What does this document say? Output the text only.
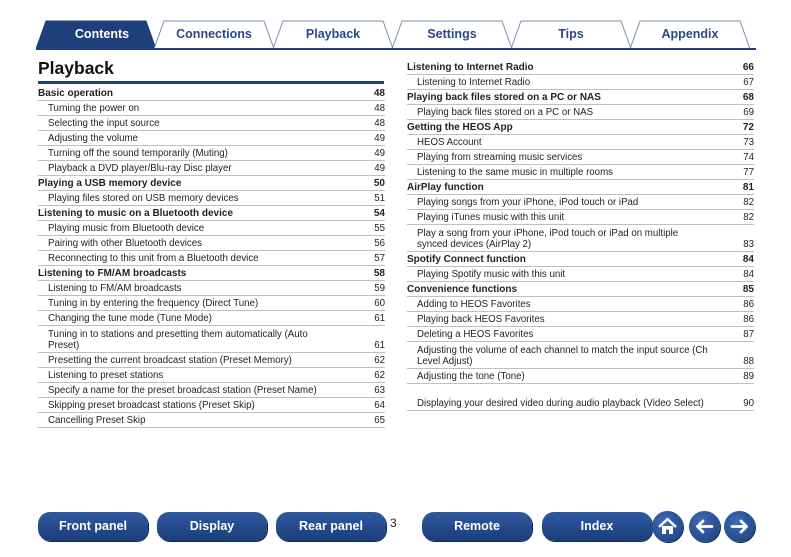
Contents	Connections	Playback	Settings	Tips	Appendix
Playback
Basic operation	48
Turning the power on	48
Selecting the input source	48
Adjusting the volume	49
Turning off the sound temporarily (Muting)	49
Playback a DVD player/Blu-ray Disc player	49
Playing a USB memory device	50
Playing files stored on USB memory devices	51
Listening to music on a Bluetooth device	54
Playing music from Bluetooth device	55
Pairing with other Bluetooth devices	56
Reconnecting to this unit from a Bluetooth device	57
Listening to FM/AM broadcasts	58
Listening to FM/AM broadcasts	59
Tuning in by entering the frequency (Direct Tune)	60
Changing the tune mode (Tune Mode)	61
Tuning in to stations and presetting them automatically (Auto Preset)	61
Presetting the current broadcast station (Preset Memory)	62
Listening to preset stations	62
Specify a name for the preset broadcast station (Preset Name)	63
Skipping preset broadcast stations (Preset Skip)	64
Cancelling Preset Skip	65
Listening to Internet Radio	66
Listening to Internet Radio	67
Playing back files stored on a PC or NAS	68
Playing back files stored on a PC or NAS	69
Getting the HEOS App	72
HEOS Account	73
Playing from streaming music services	74
Listening to the same music in multiple rooms	77
AirPlay function	81
Playing songs from your iPhone, iPod touch or iPad	82
Playing iTunes music with this unit	82
Play a song from your iPhone, iPod touch or iPad on multiple synced devices (AirPlay 2)	83
Spotify Connect function	84
Playing Spotify music with this unit	84
Convenience functions	85
Adding to HEOS Favorites	86
Playing back HEOS Favorites	86
Deleting a HEOS Favorites	87
Adjusting the volume of each channel to match the input source (Ch Level Adjust)	88
Adjusting the tone (Tone)	89
Displaying your desired video during audio playback (Video Select)	90
Front panel	Display	Rear panel	3	Remote	Index
